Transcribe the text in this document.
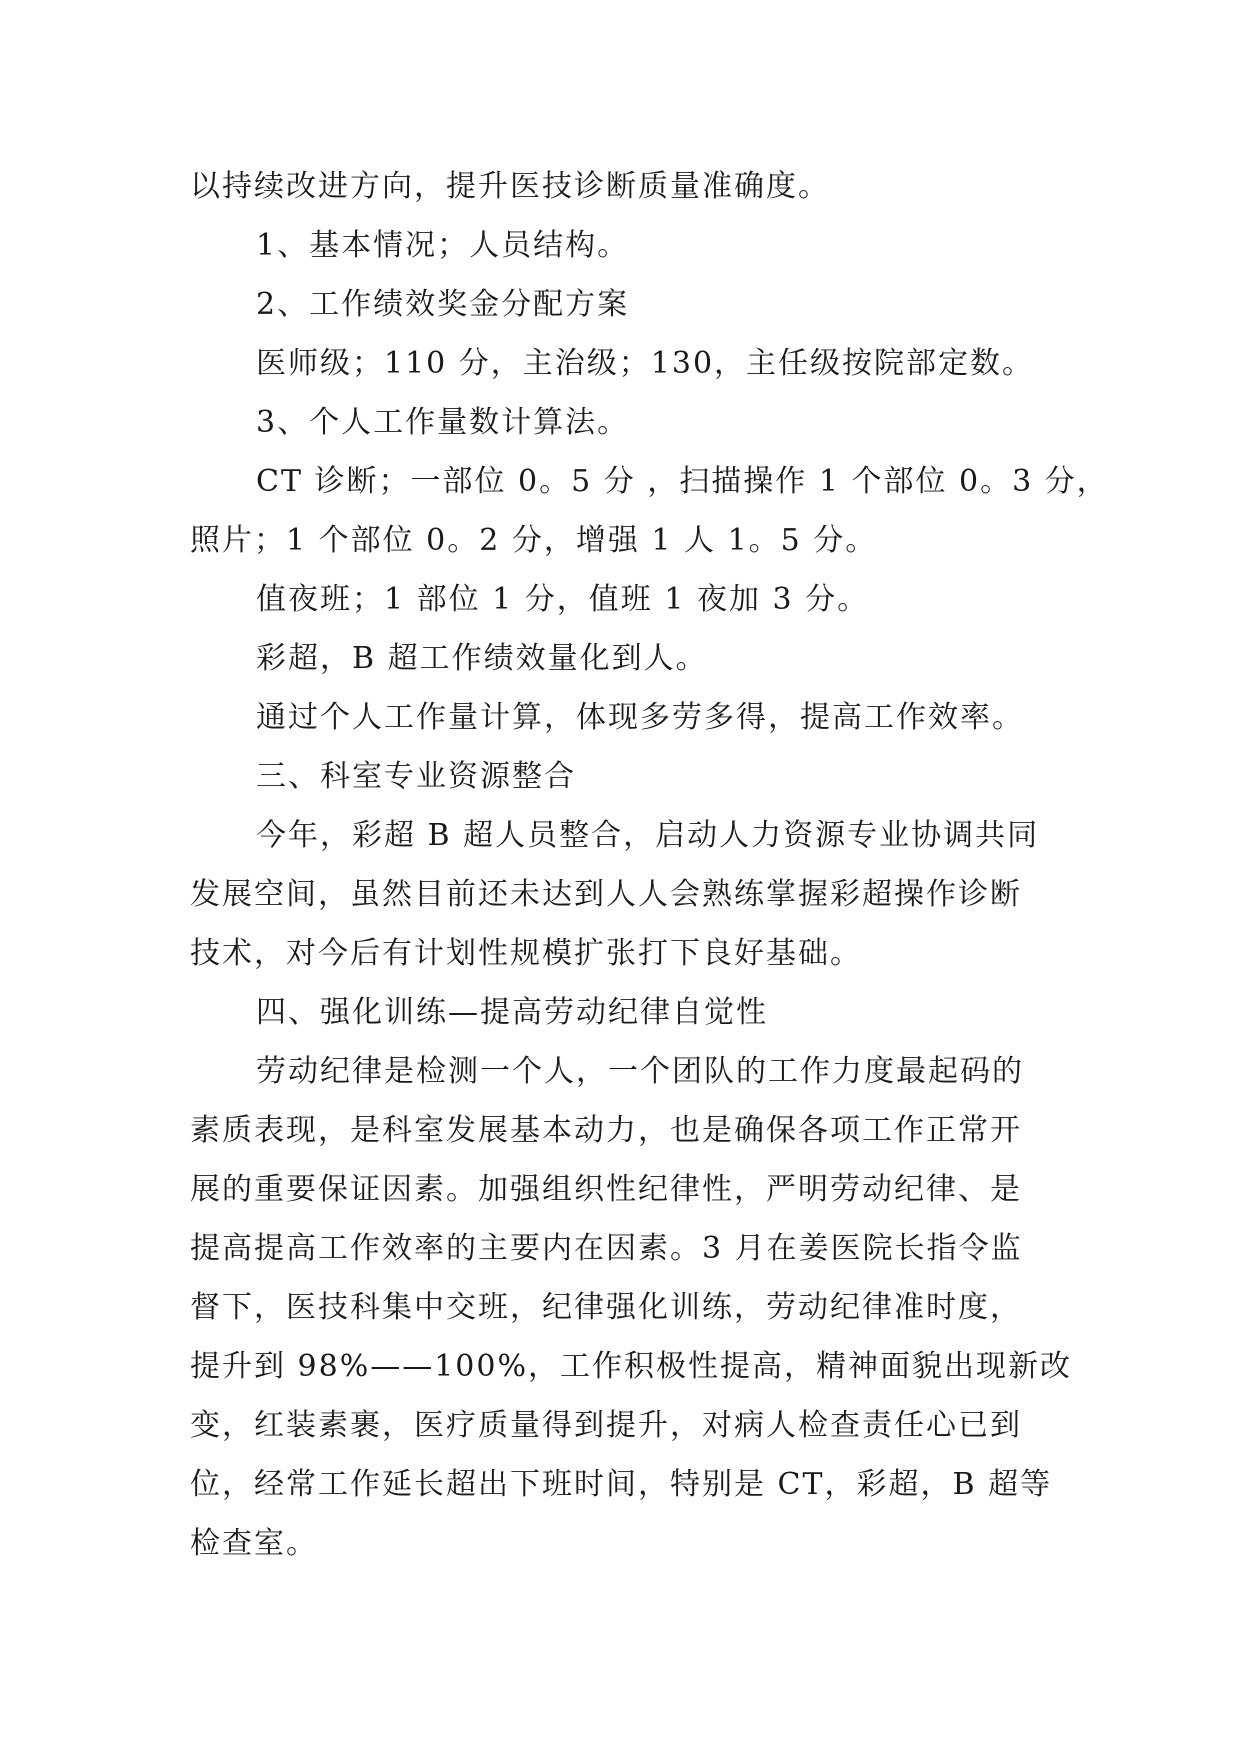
以持续改进方向，提升医技诊断质量准确度。
1、基本情况；人员结构。
2、工作绩效奖金分配方案
医师级；110 分，主治级；130，主任级按院部定数。
3、个人工作量数计算法。
CT 诊断；一部位 0。5 分 ，扫描操作 1 个部位 0。3 分，
照片；1 个部位 0。2 分，增强 1 人 1。5 分。
值夜班；1 部位 1 分，值班 1 夜加 3 分。
彩超，B 超工作绩效量化到人。
通过个人工作量计算，体现多劳多得，提高工作效率。
三、科室专业资源整合
今年，彩超 B 超人员整合，启动人力资源专业协调共同
发展空间，虽然目前还未达到人人会熟练掌握彩超操作诊断
技术，对今后有计划性规模扩张打下良好基础。
四、强化训练—提高劳动纪律自觉性
劳动纪律是检测一个人，一个团队的工作力度最起码的
素质表现，是科室发展基本动力，也是确保各项工作正常开
展的重要保证因素。加强组织性纪律性，严明劳动纪律、是
提高提高工作效率的主要内在因素。3 月在姜医院长指令监
督下，医技科集中交班，纪律强化训练，劳动纪律准时度，
提升到 98%——100%，工作积极性提高，精神面貌出现新改
变，红装素裹，医疗质量得到提升，对病人检查责任心已到
位，经常工作延长超出下班时间，特别是 CT，彩超，B 超等
检查室。
